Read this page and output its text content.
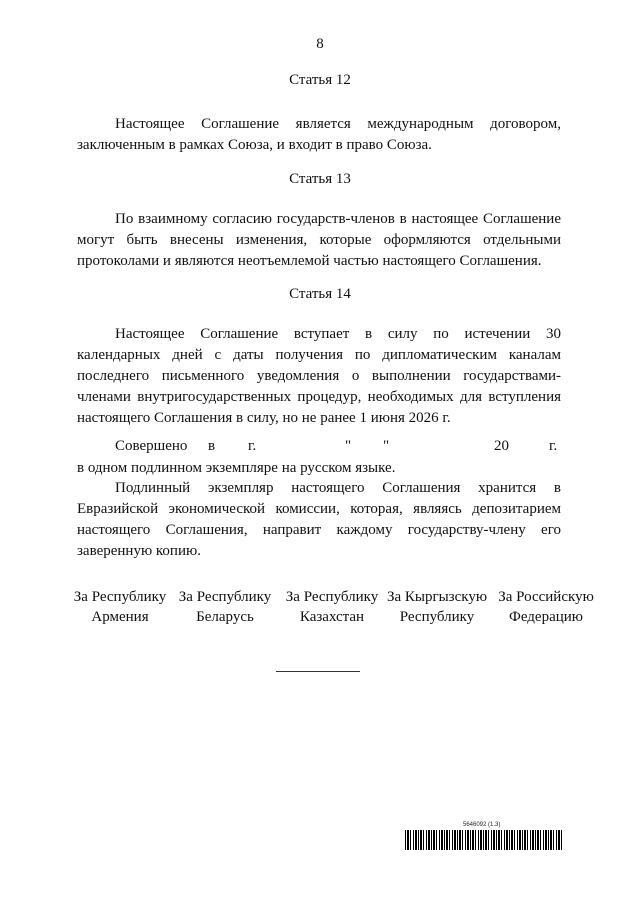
8
Статья 12

Настоящее Соглашение является международным договором, заключенным в рамках Союза, и входит в право Союза.

Статья 13

По взаимному согласию государств-членов в настоящее Соглашение могут быть внесены изменения, которые оформляются отдельными протоколами и являются неотъемлемой частью настоящего Соглашения.

Статья 14

Настоящее Соглашение вступает в силу по истечении 30 календарных дней с даты получения по дипломатическим каналам последнего письменного уведомления о выполнении государствами-членами внутригосударственных процедур, необходимых для вступления настоящего Соглашения в силу, но не ранее 1 июня 2026 г.

Совершено в г.	" "	20	г.

в одном подлинном экземпляре на русском языке.

Подлинный экземпляр настоящего Соглашения хранится в Евразийской экономической комиссии, которая, являясь депозитарием настоящего Соглашения, направит каждому государству-члену его заверенную копию.

За Республику
Армения
За Республику
Беларусь
За Республику
Казахстан
За Кыргызскую
Республику
За Российскую
Федерацию
5646092 (1.3)
